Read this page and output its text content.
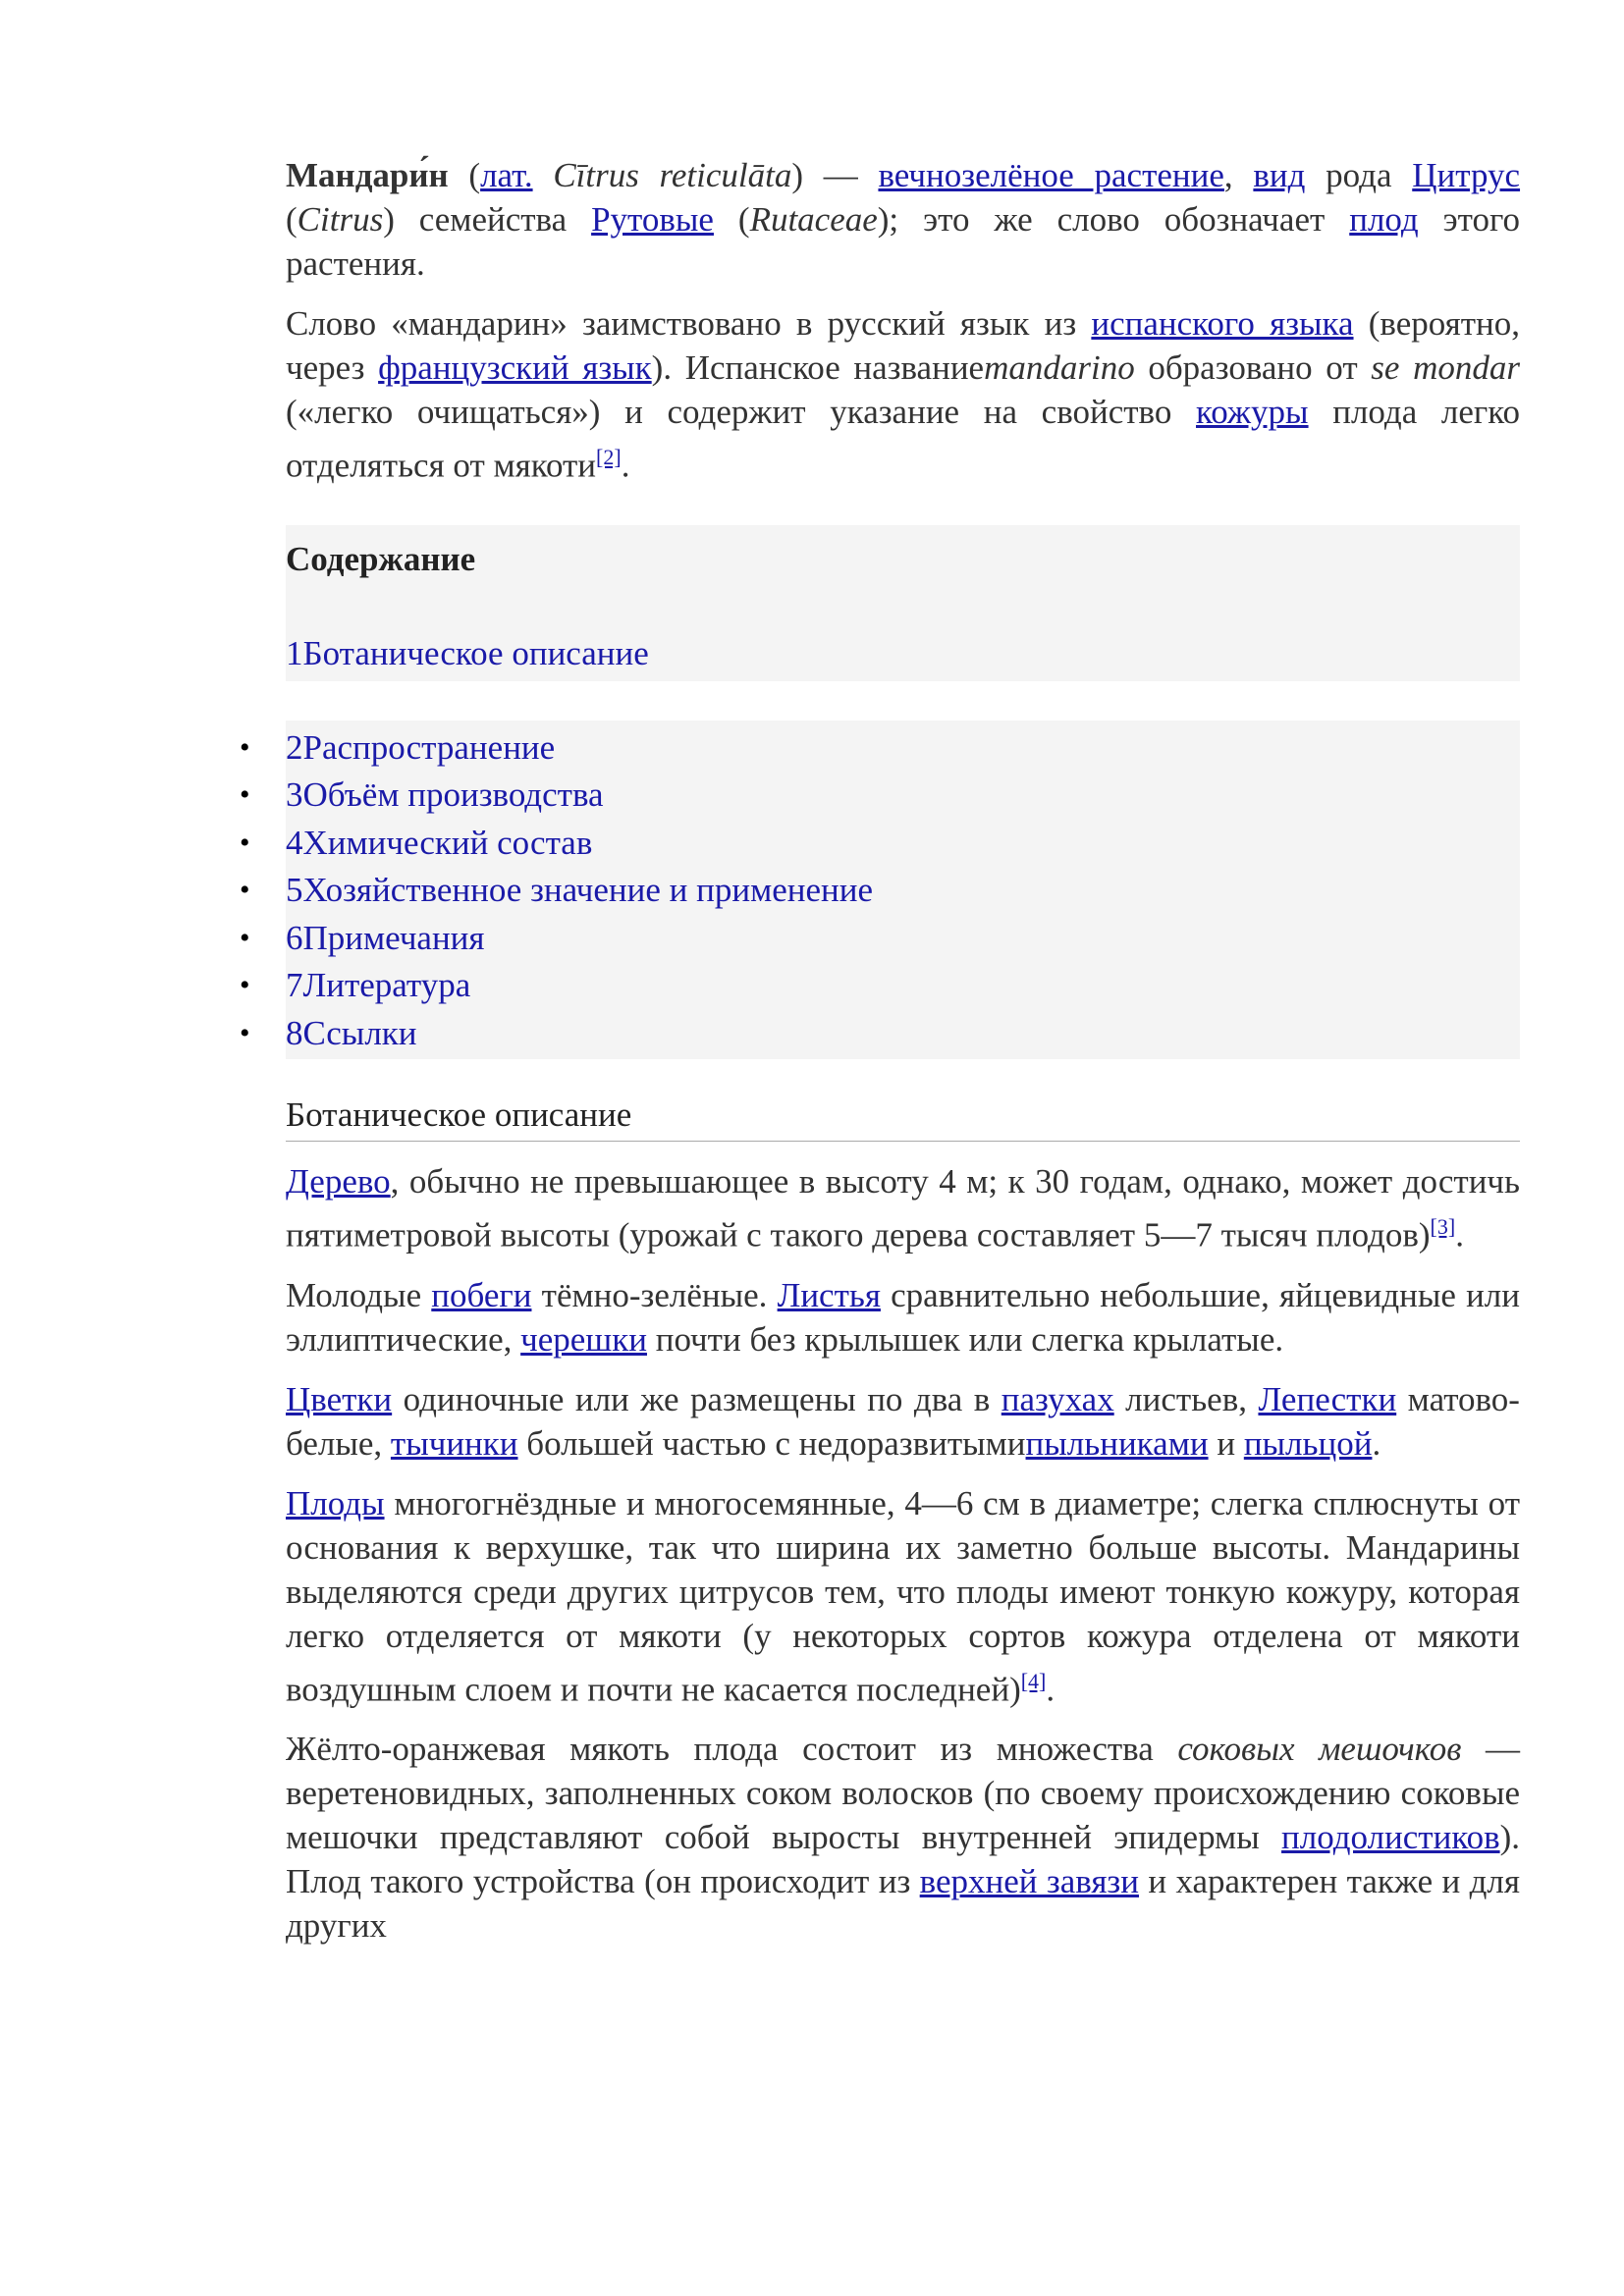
Мандари́н (лат. Cītrus reticulāta) — вечнозелёное растение, вид рода Цитрус (Citrus) семейства Рутовые (Rutaceae); это же слово обозначает плод этого растения.

Слово «мандарин» заимствовано в русский язык из испанского языка (вероятно, через французский язык). Испанское названиеmandarino образовано от se mondar («легко очищаться») и содержит указание на свойство кожуры плода легко отделяться от мякоти[2].

Содержание
1Ботаническое описание
• 2Распространение
• 3Объём производства
• 4Химический состав
• 5Хозяйственное значение и применение
• 6Примечания
• 7Литература
• 8Ссылки
Ботаническое описание

Дерево, обычно не превышающее в высоту 4 м; к 30 годам, однако, может достичь пятиметровой высоты (урожай с такого дерева составляет 5—7 тысяч плодов)[3].

Молодые побеги тёмно-зелёные. Листья сравнительно небольшие, яйцевидные или эллиптические, черешки почти без крылышек или слегка крылатые.

Цветки одиночные или же размещены по два в пазухах листьев, Лепестки матово-белые, тычинки большей частью с недоразвитымипыльниками и пыльцой.

Плоды многогнёздные и многосемянные, 4—6 см в диаметре; слегка сплюснуты от основания к верхушке, так что ширина их заметно больше высоты. Мандарины выделяются среди других цитрусов тем, что плоды имеют тонкую кожуру, которая легко отделяется от мякоти (у некоторых сортов кожура отделена от мякоти воздушным слоем и почти не касается последней)[4].

Жёлто-оранжевая мякоть плода состоит из множества соковых мешочков — веретеновидных, заполненных соком волосков (по своему происхождению соковые мешочки представляют собой выросты внутренней эпидермы плодолистиков). Плод такого устройства (он происходит из верхней завязи и характерен также и для других
